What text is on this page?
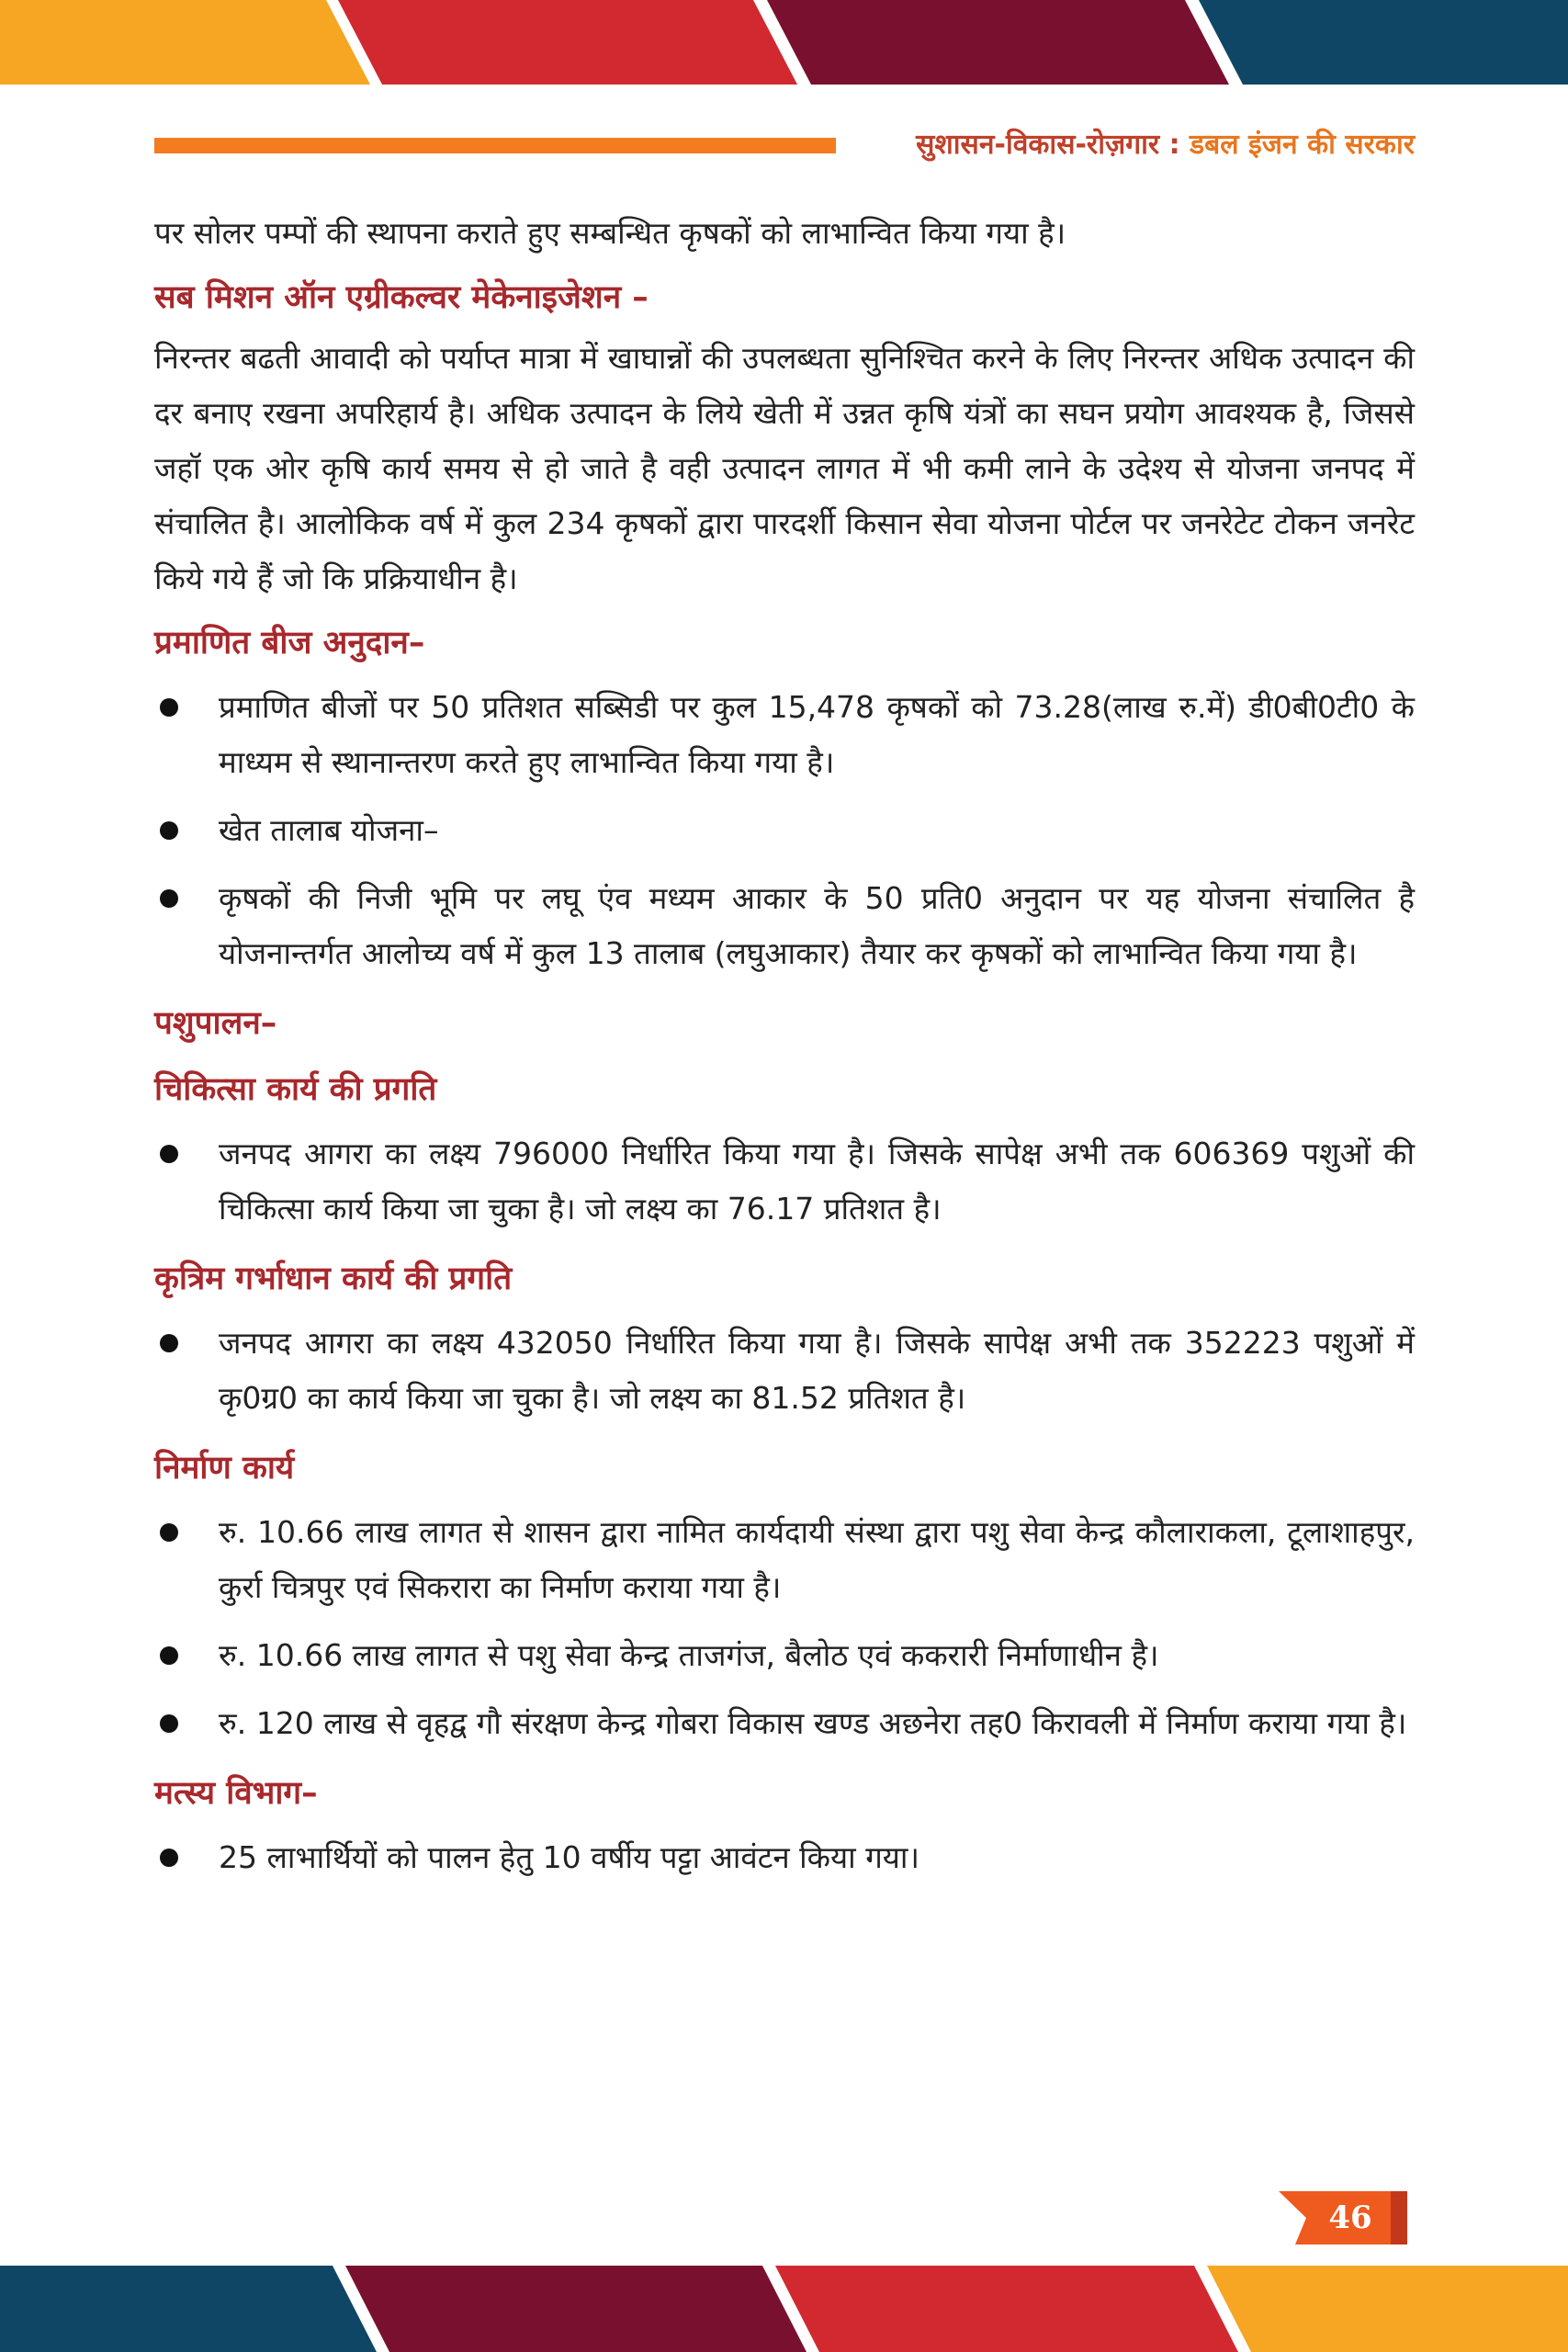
सुशासन-विकास-रोज़गार : डबल इंजन की सरकार

पर सोलर पम्पों की स्थापना कराते हुए सम्बन्धित कृषकों को लाभान्वित किया गया है।

सब मिशन ऑन एग्रीकल्वर मेकेनाइजेशन –

निरन्तर बढती आवादी को पर्याप्त मात्रा में खाघान्नों की उपलब्धता सुनिश्चित करने के लिए निरन्तर अधिक उत्पादन की दर बनाए रखना अपरिहार्य है। अधिक उत्पादन के लिये खेती में उन्नत कृषि यंत्रों का सघन प्रयोग आवश्यक है, जिससे जहॉ एक ओर कृषि कार्य समय से हो जाते है वही उत्पादन लागत में भी कमी लाने के उदेश्य से योजना जनपद में संचालित है। आलोकिक वर्ष में कुल 234 कृषकों द्वारा पारदर्शी किसान सेवा योजना पोर्टल पर जनरेटेट टोकन जनरेट किये गये हैं जो कि प्रक्रियाधीन है।

प्रमाणित बीज अनुदान–
प्रमाणित बीजों पर 50 प्रतिशत सब्सिडी पर कुल 15,478 कृषकों को 73.28(लाख रु.में) डी0बी0टी0 के माध्यम से स्थानान्तरण करते हुए लाभान्वित किया गया है।
खेत तालाब योजना–
कृषकों की निजी भूमि पर लघू एंव मध्यम आकार के 50 प्रति0 अनुदान पर यह योजना संचालित है योजनान्तर्गत आलोच्य वर्ष में कुल 13 तालाब (लघुआकार) तैयार कर कृषकों को लाभान्वित किया गया है।
पशुपालन–
चिकित्सा कार्य की प्रगति
जनपद आगरा का लक्ष्य 796000 निर्धारित किया गया है। जिसके सापेक्ष अभी तक 606369 पशुओं की चिकित्सा कार्य किया जा चुका है। जो लक्ष्य का 76.17 प्रतिशत है।
कृत्रिम गर्भाधान कार्य की प्रगति
जनपद आगरा का लक्ष्य 432050 निर्धारित किया गया है। जिसके सापेक्ष अभी तक 352223 पशुओं में कृ0ग्र0 का कार्य किया जा चुका है। जो लक्ष्य का 81.52 प्रतिशत है।
निर्माण कार्य
रु. 10.66 लाख लागत से शासन द्वारा नामित कार्यदायी संस्था द्वारा पशु सेवा केन्द्र कौलाराकला, टूलाशाहपुर, कुर्रा चित्रपुर एवं सिकरारा का निर्माण कराया गया है।
रु. 10.66 लाख लागत से पशु सेवा केन्द्र ताजगंज, बैलोठ एवं ककरारी निर्माणाधीन है।
रु. 120 लाख से वृहद्व गौ संरक्षण केन्द्र गोबरा विकास खण्ड अछनेरा तह0 किरावली में निर्माण कराया गया है।
मत्स्य विभाग–
25 लाभार्थियों को पालन हेतु 10 वर्षीय पट्टा आवंटन किया गया।
46
